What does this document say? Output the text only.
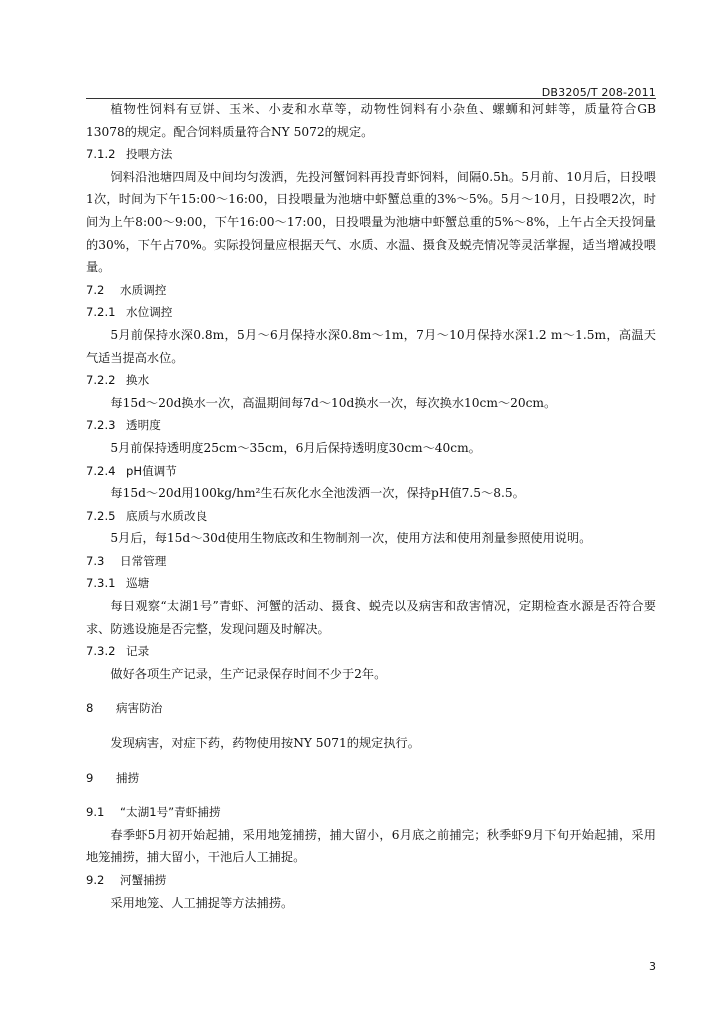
DB3205/T 208-2011

植物性饲料有豆饼、玉米、小麦和水草等，动物性饲料有小杂鱼、螺蛳和河蚌等，质量符合GB 13078的规定。配合饲料质量符合NY 5072的规定。

7.1.2 投喂方法

饲料沿池塘四周及中间均匀泼洒，先投河蟹饲料再投青虾饲料，间隔0.5h。5月前、10月后，日投喂1次，时间为下午15:00～16:00，日投喂量为池塘中虾蟹总重的3%～5%。5月～10月，日投喂2次，时间为上午8:00～9:00，下午16:00～17:00，日投喂量为池塘中虾蟹总重的5%～8%，上午占全天投饲量的30%，下午占70%。实际投饲量应根据天气、水质、水温、摄食及蜕壳情况等灵活掌握，适当增减投喂量。

7.2 水质调控
7.2.1 水位调控

5月前保持水深0.8m，5月～6月保持水深0.8m～1m，7月～10月保持水深1.2 m～1.5m，高温天气适当提高水位。

7.2.2 换水

每15d～20d换水一次，高温期间每7d～10d换水一次，每次换水10cm～20cm。

7.2.3 透明度

5月前保持透明度25cm～35cm，6月后保持透明度30cm～40cm。

7.2.4 pH值调节

每15d～20d用100kg/hm²生石灰化水全池泼洒一次，保持pH值7.5～8.5。

7.2.5 底质与水质改良

5月后，每15d～30d使用生物底改和生物制剂一次，使用方法和使用剂量参照使用说明。

7.3 日常管理
7.3.1 巡塘

每日观察“太湖1号”青虾、河蟹的活动、摄食、蜕壳以及病害和敌害情况，定期检查水源是否符合要求、防逃设施是否完整，发现问题及时解决。

7.3.2 记录

做好各项生产记录，生产记录保存时间不少于2年。

8 病害防治

发现病害，对症下药，药物使用按NY 5071的规定执行。

9 捕捞
9.1 “太湖1号”青虾捕捞

春季虾5月初开始起捕，采用地笼捕捞，捕大留小，6月底之前捕完；秋季虾9月下旬开始起捕，采用地笼捕捞，捕大留小，干池后人工捕捉。

9.2 河蟹捕捞

采用地笼、人工捕捉等方法捕捞。

3
